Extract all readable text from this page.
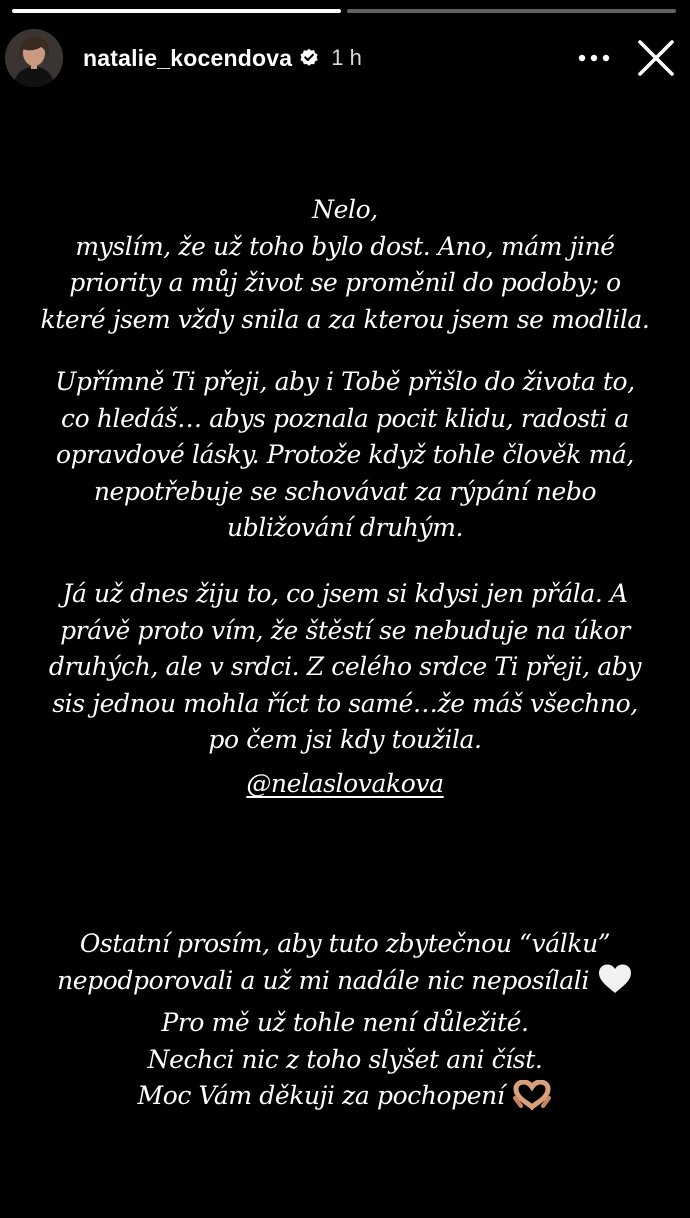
natalie_kocendova 1 h

Nelo,

myslím, že už toho bylo dost. Ano, mám jiné

priority a můj život se proměnil do podoby; o

které jsem vždy snila a za kterou jsem se modlila.

Upřímně Ti přeji, aby i Tobě přišlo do života to,

co hledáš… abys poznala pocit klidu, radosti a

opravdové lásky. Protože když tohle člověk má,

nepotřebuje se schovávat za rýpání nebo

ubližování druhým.

Já už dnes žiju to, co jsem si kdysi jen přála. A

právě proto vím, že štěstí se nebuduje na úkor

druhých, ale v srdci. Z celého srdce Ti přeji, aby

sis jednou mohla říct to samé…že máš všechno,

po čem jsi kdy toužila.

@nelaslovakova

Ostatní prosím, aby tuto zbytečnou “válku”

nepodporovali a už mi nadále nic neposílali

Pro mě už tohle není důležité.

Nechci nic z toho slyšet ani číst.

Moc Vám děkuji za pochopení
